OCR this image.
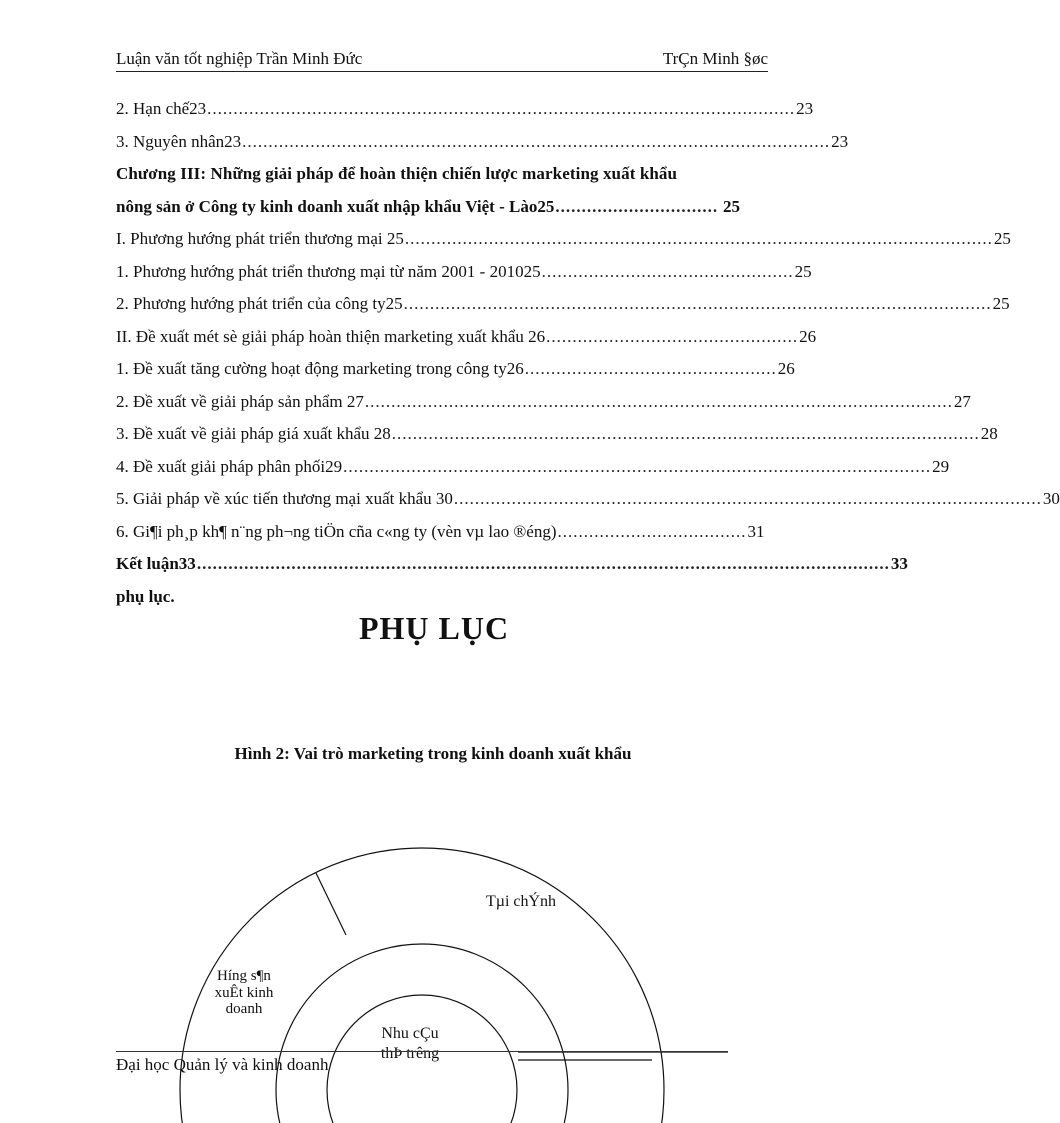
Luận văn tốt nghiệp Trần Minh Đức	TrÇn Minh §øc
2. Hạn chế23 ................................................................................................................ 23
3. Nguyên nhân23 ................................................................................................................ 23
Chương III: Những giải pháp để hoàn thiện chiến lược marketing xuất khẩu
nông sản ở Công ty kinh doanh xuất nhập khẩu Việt - Lào25 ............................... 25
I. Phương hướng phát triển thương mại 25 ................................................................................................................ 25
1. Phương hướng phát triển thương mại từ năm 2001 - 201025 ................................................ 25
2. Phương hướng phát triển của công ty25 ................................................................................................................ 25
II. Đề xuất mét sè giải pháp hoàn thiện marketing xuất khẩu 26 ................................................ 26
1. Đề xuất tăng cường hoạt động marketing trong công ty26 ................................................ 26
2. Đề xuất về giải pháp sản phẩm 27 ................................................................................................................ 27
3. Đề xuất về giải pháp giá xuất khẩu 28 ................................................................................................................ 28
4. Đề xuất giải pháp phân phối29 ................................................................................................................ 29
5. Giải pháp về xúc tiến thương mại xuất khẩu 30 ................................................................................................................ 30
6. Gi¶i ph¸p kh¶ n¨ng ph¬ng tiÖn cña c«ng ty (vèn vµ lao ®éng) .................................... 31
Kết luận33 .................................................................................................................................... 33
phụ lục.
PHỤ LỤC
Hình 2: Vai trò marketing trong kinh doanh xuất khẩu
Tµi chÝnh
Híng s¶n xuÊt kinh doanh
Nhu cÇu thÞ trêng
Đại học Quản lý và kinh doanh
